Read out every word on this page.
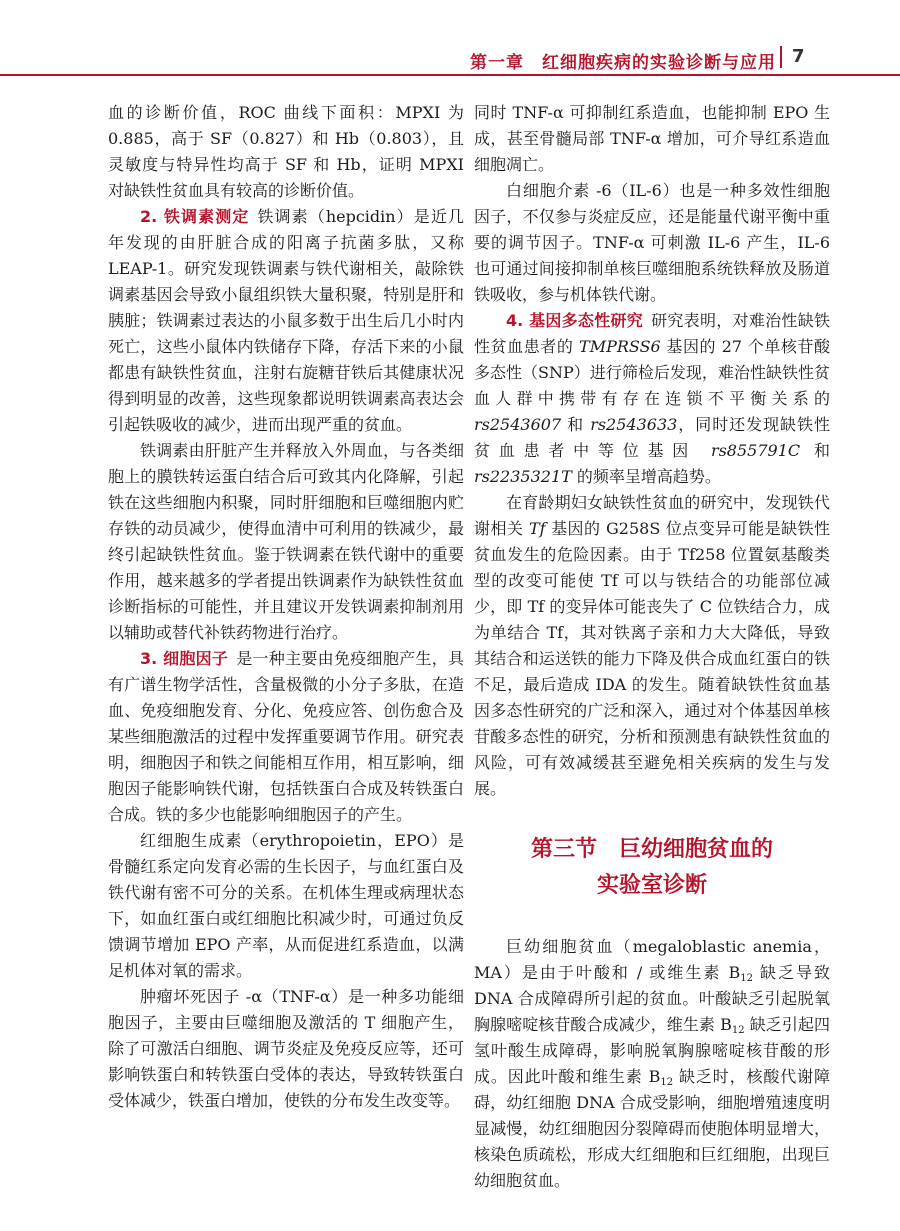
第一章　红细胞疾病的实验诊断与应用 7

血的诊断价值，ROC 曲线下面积：MPXI 为 0.885，高于 SF（0.827）和 Hb（0.803），且灵敏度与特异性均高于 SF 和 Hb，证明 MPXI 对缺铁性贫血具有较高的诊断价值。

2. 铁调素测定 铁调素（hepcidin）是近几年发现的由肝脏合成的阳离子抗菌多肽，又称 LEAP-1。研究发现铁调素与铁代谢相关，敲除铁调素基因会导致小鼠组织铁大量积聚，特别是肝和胰脏；铁调素过表达的小鼠多数于出生后几小时内死亡，这些小鼠体内铁储存下降，存活下来的小鼠都患有缺铁性贫血，注射右旋糖苷铁后其健康状况得到明显的改善，这些现象都说明铁调素高表达会引起铁吸收的减少，进而出现严重的贫血。

铁调素由肝脏产生并释放入外周血，与各类细胞上的膜铁转运蛋白结合后可致其内化降解，引起铁在这些细胞内积聚，同时肝细胞和巨噬细胞内贮存铁的动员减少，使得血清中可利用的铁减少，最终引起缺铁性贫血。鉴于铁调素在铁代谢中的重要作用，越来越多的学者提出铁调素作为缺铁性贫血诊断指标的可能性，并且建议开发铁调素抑制剂用以辅助或替代补铁药物进行治疗。

3. 细胞因子 是一种主要由免疫细胞产生，具有广谱生物学活性，含量极微的小分子多肽，在造血、免疫细胞发育、分化、免疫应答、创伤愈合及某些细胞激活的过程中发挥重要调节作用。研究表明，细胞因子和铁之间能相互作用，相互影响，细胞因子能影响铁代谢，包括铁蛋白合成及转铁蛋白合成。铁的多少也能影响细胞因子的产生。

红细胞生成素（erythropoietin，EPO）是骨髓红系定向发育必需的生长因子，与血红蛋白及铁代谢有密不可分的关系。在机体生理或病理状态下，如血红蛋白或红细胞比积减少时，可通过负反馈调节增加 EPO 产率，从而促进红系造血，以满足机体对氧的需求。

肿瘤坏死因子 -α（TNF-α）是一种多功能细胞因子，主要由巨噬细胞及激活的 T 细胞产生，除了可激活白细胞、调节炎症及免疫反应等，还可影响铁蛋白和转铁蛋白受体的表达，导致转铁蛋白受体减少，铁蛋白增加，使铁的分布发生改变等。

同时 TNF-α 可抑制红系造血，也能抑制 EPO 生成，甚至骨髓局部 TNF-α 增加，可介导红系造血细胞凋亡。

白细胞介素 -6（IL-6）也是一种多效性细胞因子，不仅参与炎症反应，还是能量代谢平衡中重要的调节因子。TNF-α 可刺激 IL-6 产生，IL-6 也可通过间接抑制单核巨噬细胞系统铁释放及肠道铁吸收，参与机体铁代谢。

4. 基因多态性研究 研究表明，对难治性缺铁性贫血患者的 TMPRSS6 基因的 27 个单核苷酸多态性（SNP）进行筛检后发现，难治性缺铁性贫血人群中携带有存在连锁不平衡关系的 rs2543607 和 rs2543633，同时还发现缺铁性贫血患者中等位基因 rs855791C 和 rs2235321T 的频率呈增高趋势。

在育龄期妇女缺铁性贫血的研究中，发现铁代谢相关 Tf 基因的 G258S 位点变异可能是缺铁性贫血发生的危险因素。由于 Tf258 位置氨基酸类型的改变可能使 Tf 可以与铁结合的功能部位减少，即 Tf 的变异体可能丧失了 C 位铁结合力，成为单结合 Tf，其对铁离子亲和力大大降低，导致其结合和运送铁的能力下降及供合成血红蛋白的铁不足，最后造成 IDA 的发生。随着缺铁性贫血基因多态性研究的广泛和深入，通过对个体基因单核苷酸多态性的研究，分析和预测患有缺铁性贫血的风险，可有效减缓甚至避免相关疾病的发生与发展。

第三节　巨幼细胞贫血的
实验室诊断

巨幼细胞贫血（megaloblastic anemia，MA）是由于叶酸和 / 或维生素 $B_{12}$ 缺乏导致 DNA 合成障碍所引起的贫血。叶酸缺乏引起脱氧胸腺嘧啶核苷酸合成减少，维生素 $B_{12}$ 缺乏引起四氢叶酸生成障碍，影响脱氧胸腺嘧啶核苷酸的形成。因此叶酸和维生素 $B_{12}$ 缺乏时，核酸代谢障碍，幼红细胞 DNA 合成受影响，细胞增殖速度明显减慢，幼红细胞因分裂障碍而使胞体明显增大，核染色质疏松，形成大红细胞和巨红细胞，出现巨幼细胞贫血。
